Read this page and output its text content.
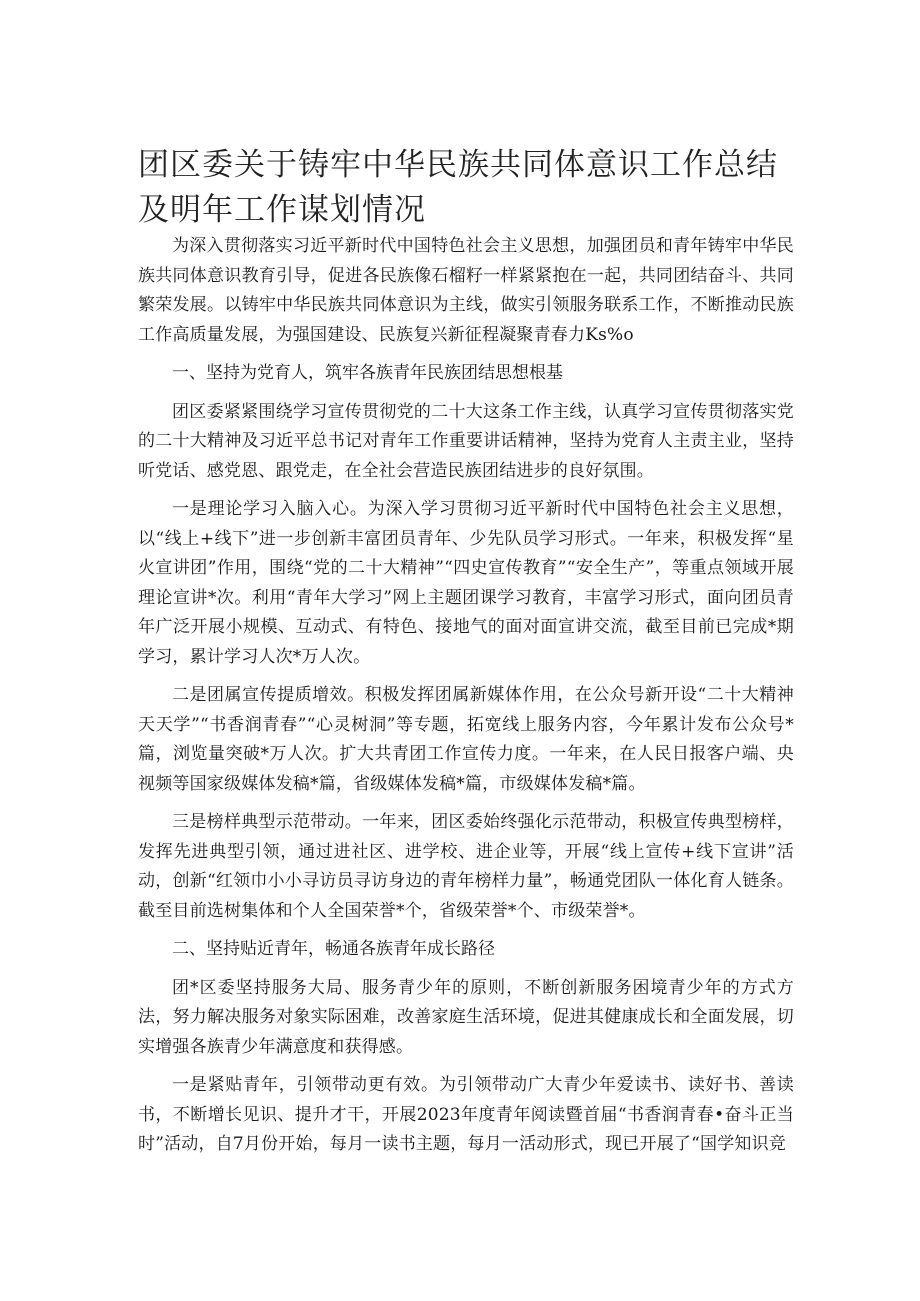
团区委关于铸牢中华民族共同体意识工作总结及明年工作谋划情况

为深入贯彻落实习近平新时代中国特色社会主义思想，加强团员和青年铸牢中华民族共同体意识教育引导，促进各民族像石榴籽一样紧紧抱在一起，共同团结奋斗、共同繁荣发展。以铸牢中华民族共同体意识为主线，做实引领服务联系工作，不断推动民族工作高质量发展，为强国建设、民族复兴新征程凝聚青春力Ks%o

一、坚持为党育人，筑牢各族青年民族团结思想根基

团区委紧紧围绕学习宣传贯彻党的二十大这条工作主线，认真学习宣传贯彻落实党的二十大精神及习近平总书记对青年工作重要讲话精神，坚持为党育人主责主业，坚持听党话、感党恩、跟党走，在全社会营造民族团结进步的良好氛围。

一是理论学习入脑入心。为深入学习贯彻习近平新时代中国特色社会主义思想，以“线上+线下”进一步创新丰富团员青年、少先队员学习形式。一年来，积极发挥“星火宣讲团”作用，围绕“党的二十大精神”“四史宣传教育”“安全生产”，等重点领域开展理论宣讲*次。利用“青年大学习”网上主题团课学习教育，丰富学习形式，面向团员青年广泛开展小规模、互动式、有特色、接地气的面对面宣讲交流，截至目前已完成*期学习，累计学习人次*万人次。

二是团属宣传提质增效。积极发挥团属新媒体作用，在公众号新开设“二十大精神天天学”“书香润青春”“心灵树洞”等专题，拓宽线上服务内容，今年累计发布公众号*篇，浏览量突破*万人次。扩大共青团工作宣传力度。一年来，在人民日报客户端、央视频等国家级媒体发稿*篇，省级媒体发稿*篇，市级媒体发稿*篇。

三是榜样典型示范带动。一年来，团区委始终强化示范带动，积极宣传典型榜样，发挥先进典型引领，通过进社区、进学校、进企业等，开展“线上宣传+线下宣讲”活动，创新“红领巾小小寻访员寻访身边的青年榜样力量”，畅通党团队一体化育人链条。截至目前选树集体和个人全国荣誉*个，省级荣誉*个、市级荣誉*。

二、坚持贴近青年，畅通各族青年成长路径

团*区委坚持服务大局、服务青少年的原则，不断创新服务困境青少年的方式方法，努力解决服务对象实际困难，改善家庭生活环境，促进其健康成长和全面发展，切实增强各族青少年满意度和获得感。

一是紧贴青年，引领带动更有效。为引领带动广大青少年爱读书、读好书、善读书，不断增长见识、提升才干，开展2023年度青年阅读暨首届“书香润青春•奋斗正当时”活动，自7月份开始，每月一读书主题，每月一活动形式，现已开展了“国学知识竞
